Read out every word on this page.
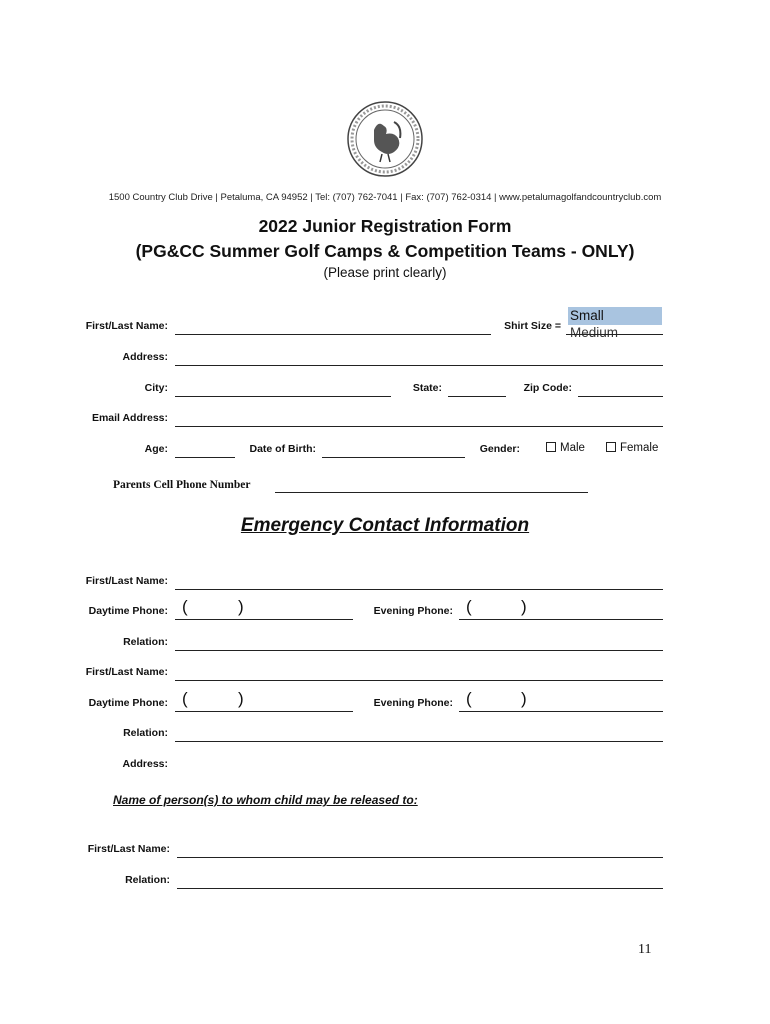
1500 Country Club Drive | Petaluma, CA 94952 | Tel: (707) 762-7041 | Fax: (707) 762-0314 | www.petalumagolfandcountryclub.com
2022 Junior Registration Form
(PG&CC Summer Golf Camps & Competition Teams - ONLY)
(Please print clearly)
First/Last Name:	Shirt Size =
Small
Medium
Address:
City:	State:	Zip Code:
Email Address:
Age:	Date of Birth:	Gender:	Male	Female
Parents Cell Phone Number
Emergency Contact Information
First/Last Name:
Daytime Phone: (	)	Evening Phone: (	)
Relation:
First/Last Name:
Daytime Phone: (	)	Evening Phone: (	)
Relation:
Address:
Name of person(s) to whom child may be released to:
First/Last Name:
Relation:
11
